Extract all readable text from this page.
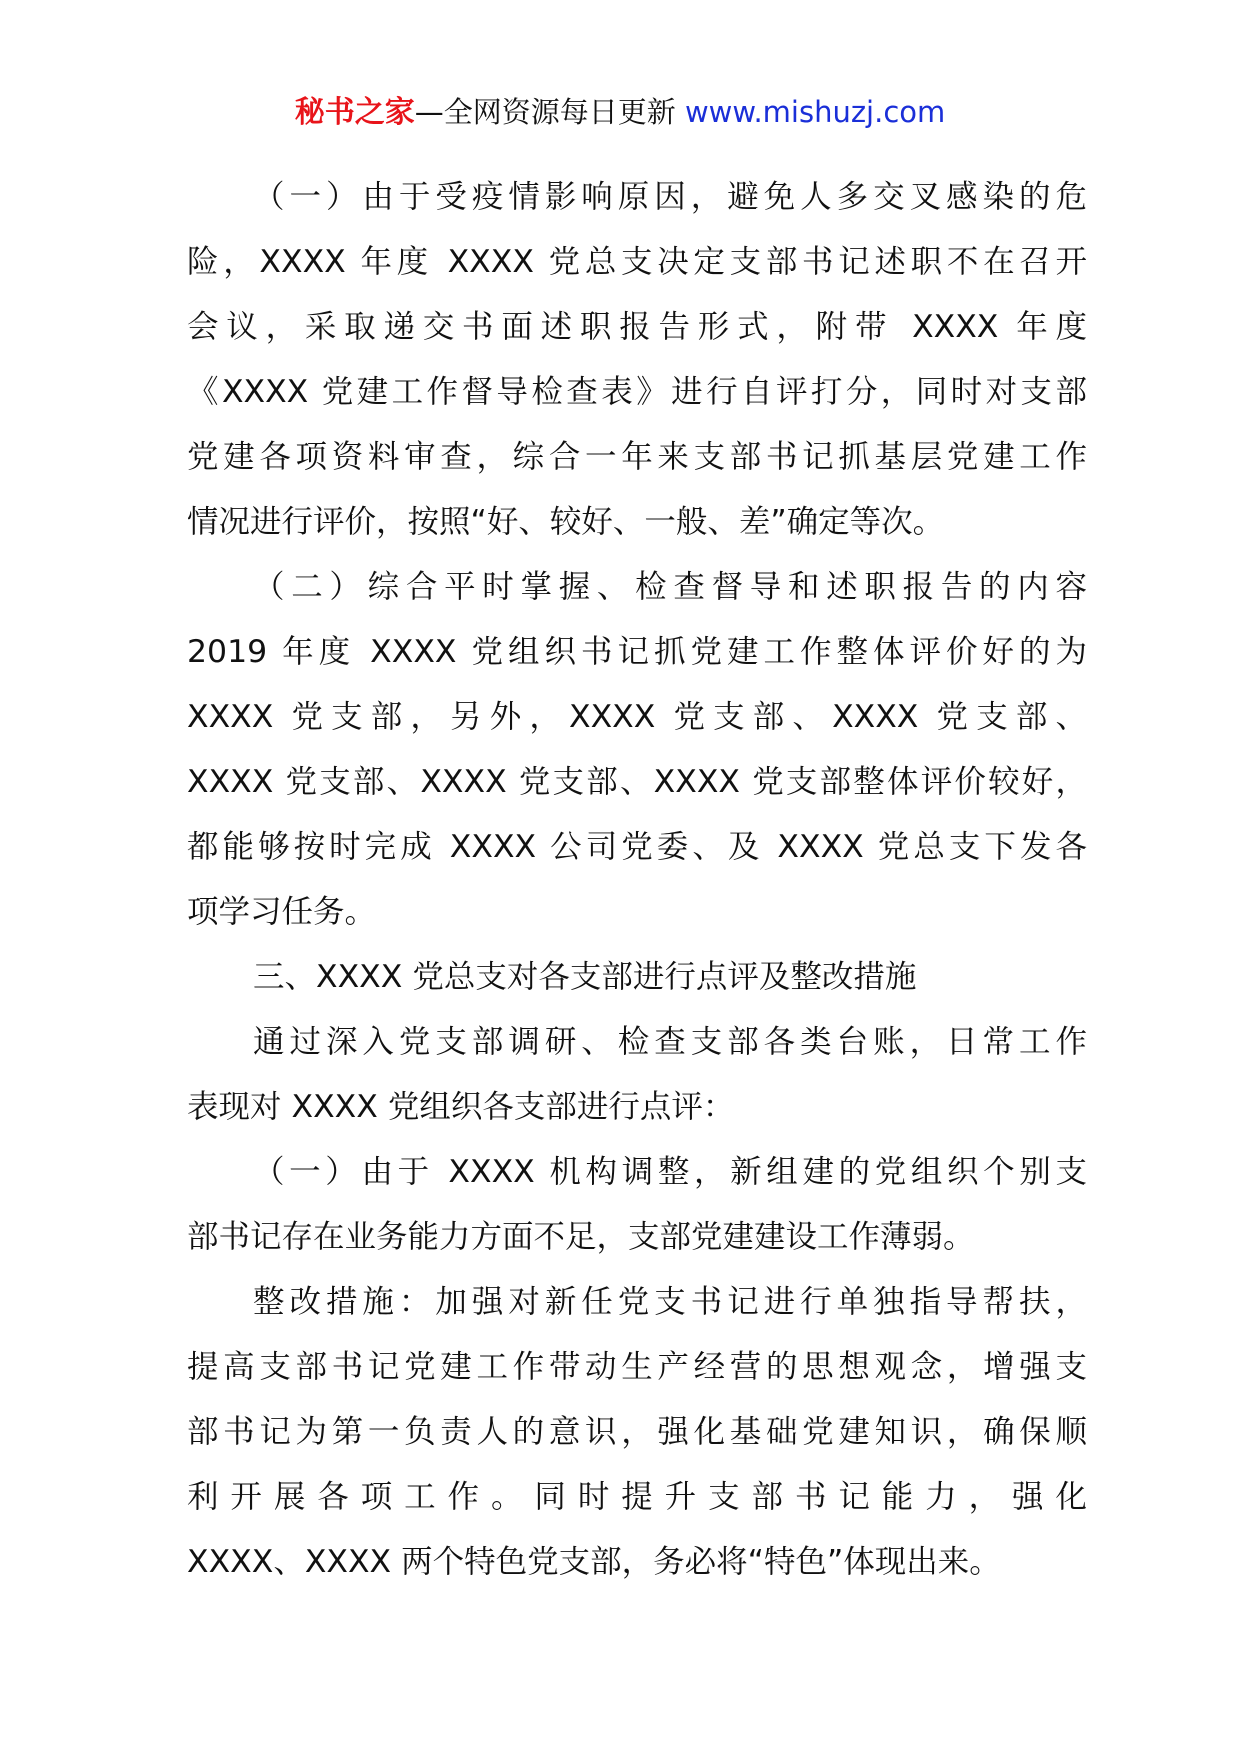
秘书之家—全网资源每日更新 www.mishuzj.com
（一）由于受疫情影响原因，避免人多交叉感染的危
险，XXXX 年度 XXXX 党总支决定支部书记述职不在召开
会议，采取递交书面述职报告形式，附带 XXXX 年度
《XXXX 党建工作督导检查表》进行自评打分，同时对支部
党建各项资料审查，综合一年来支部书记抓基层党建工作
情况进行评价，按照“好、较好、一般、差”确定等次。
（二）综合平时掌握、检查督导和述职报告的内容
2019 年度 XXXX 党组织书记抓党建工作整体评价好的为
XXXX 党支部，另外，XXXX 党支部、XXXX 党支部、
XXXX 党支部、XXXX 党支部、XXXX 党支部整体评价较好，
都能够按时完成 XXXX 公司党委、及 XXXX 党总支下发各
项学习任务。
三、XXXX 党总支对各支部进行点评及整改措施
通过深入党支部调研、检查支部各类台账，日常工作
表现对 XXXX 党组织各支部进行点评：
（一）由于 XXXX 机构调整，新组建的党组织个别支
部书记存在业务能力方面不足，支部党建建设工作薄弱。
整改措施：加强对新任党支书记进行单独指导帮扶，
提高支部书记党建工作带动生产经营的思想观念，增强支
部书记为第一负责人的意识，强化基础党建知识，确保顺
利开展各项工作。同时提升支部书记能力，强化
XXXX、XXXX 两个特色党支部，务必将“特色”体现出来。
